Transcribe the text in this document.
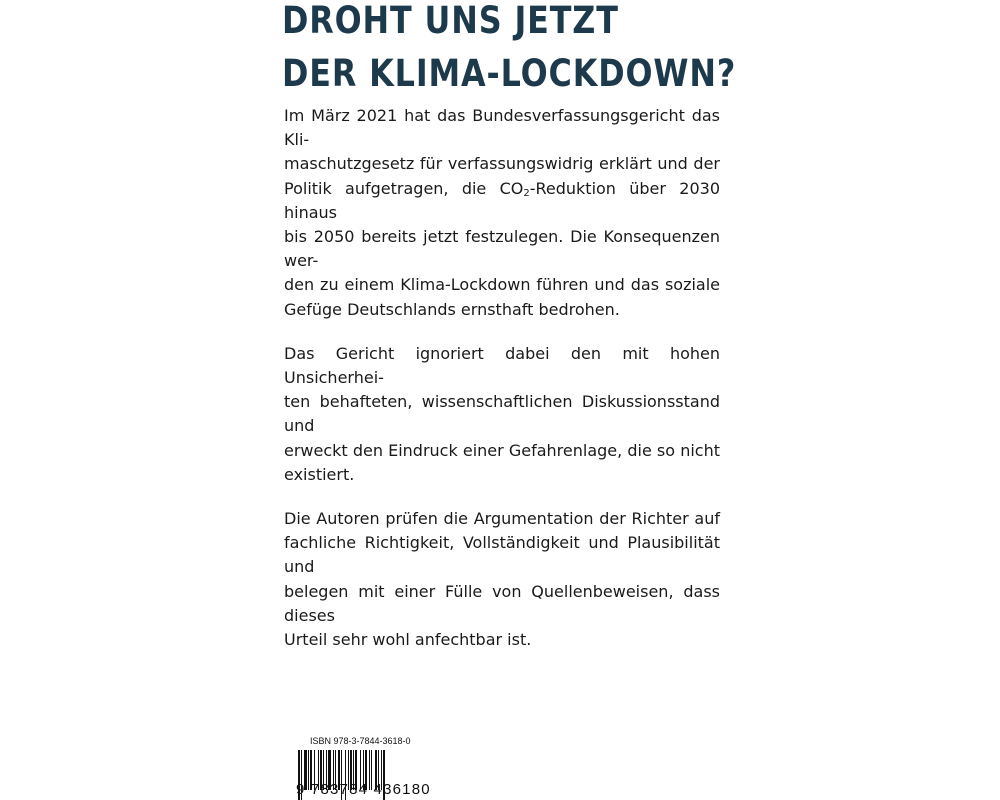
DROHT UNS JETZT
DER KLIMA-LOCKDOWN?

Im März 2021 hat das Bundesverfassungsgericht das Kli-
maschutzgesetz für verfassungswidrig erklärt und der
Politik aufgetragen, die $CO_2$-Reduktion über 2030 hinaus
bis 2050 bereits jetzt festzulegen. Die Konsequenzen wer-
den zu einem Klima-Lockdown führen und das soziale
Gefüge Deutschlands ernsthaft bedrohen.

Das Gericht ignoriert dabei den mit hohen Unsicherhei-
ten behafteten, wissenschaftlichen Diskussionsstand und
erweckt den Eindruck einer Gefahrenlage, die so nicht
existiert.

Die Autoren prüfen die Argumentation der Richter auf
fachliche Richtigkeit, Vollständigkeit und Plausibilität und
belegen mit einer Fülle von Quellenbeweisen, dass dieses
Urteil sehr wohl anfechtbar ist.

ISBN 978-3-7844-3618-0
9 783784 436180
